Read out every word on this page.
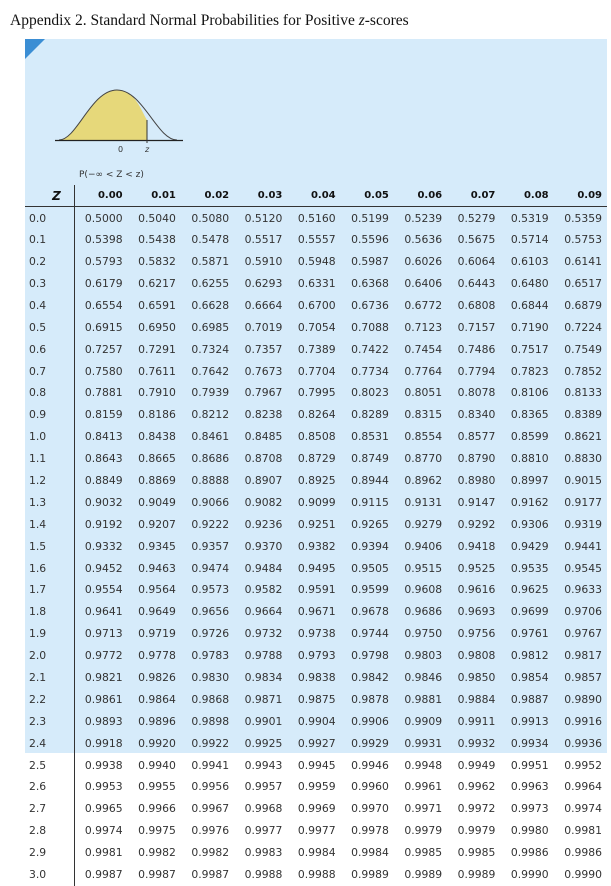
Appendix 2. Standard Normal Probabilities for Positive z-scores
0	z
P(−∞ < Z < z)
Z	0.00	0.01	0.02	0.03	0.04	0.05	0.06	0.07	0.08	0.09
0.0	0.5000	0.5040	0.5080	0.5120	0.5160	0.5199	0.5239	0.5279	0.5319	0.5359
0.1	0.5398	0.5438	0.5478	0.5517	0.5557	0.5596	0.5636	0.5675	0.5714	0.5753
0.2	0.5793	0.5832	0.5871	0.5910	0.5948	0.5987	0.6026	0.6064	0.6103	0.6141
0.3	0.6179	0.6217	0.6255	0.6293	0.6331	0.6368	0.6406	0.6443	0.6480	0.6517
0.4	0.6554	0.6591	0.6628	0.6664	0.6700	0.6736	0.6772	0.6808	0.6844	0.6879
0.5	0.6915	0.6950	0.6985	0.7019	0.7054	0.7088	0.7123	0.7157	0.7190	0.7224
0.6	0.7257	0.7291	0.7324	0.7357	0.7389	0.7422	0.7454	0.7486	0.7517	0.7549
0.7	0.7580	0.7611	0.7642	0.7673	0.7704	0.7734	0.7764	0.7794	0.7823	0.7852
0.8	0.7881	0.7910	0.7939	0.7967	0.7995	0.8023	0.8051	0.8078	0.8106	0.8133
0.9	0.8159	0.8186	0.8212	0.8238	0.8264	0.8289	0.8315	0.8340	0.8365	0.8389
1.0	0.8413	0.8438	0.8461	0.8485	0.8508	0.8531	0.8554	0.8577	0.8599	0.8621
1.1	0.8643	0.8665	0.8686	0.8708	0.8729	0.8749	0.8770	0.8790	0.8810	0.8830
1.2	0.8849	0.8869	0.8888	0.8907	0.8925	0.8944	0.8962	0.8980	0.8997	0.9015
1.3	0.9032	0.9049	0.9066	0.9082	0.9099	0.9115	0.9131	0.9147	0.9162	0.9177
1.4	0.9192	0.9207	0.9222	0.9236	0.9251	0.9265	0.9279	0.9292	0.9306	0.9319
1.5	0.9332	0.9345	0.9357	0.9370	0.9382	0.9394	0.9406	0.9418	0.9429	0.9441
1.6	0.9452	0.9463	0.9474	0.9484	0.9495	0.9505	0.9515	0.9525	0.9535	0.9545
1.7	0.9554	0.9564	0.9573	0.9582	0.9591	0.9599	0.9608	0.9616	0.9625	0.9633
1.8	0.9641	0.9649	0.9656	0.9664	0.9671	0.9678	0.9686	0.9693	0.9699	0.9706
1.9	0.9713	0.9719	0.9726	0.9732	0.9738	0.9744	0.9750	0.9756	0.9761	0.9767
2.0	0.9772	0.9778	0.9783	0.9788	0.9793	0.9798	0.9803	0.9808	0.9812	0.9817
2.1	0.9821	0.9826	0.9830	0.9834	0.9838	0.9842	0.9846	0.9850	0.9854	0.9857
2.2	0.9861	0.9864	0.9868	0.9871	0.9875	0.9878	0.9881	0.9884	0.9887	0.9890
2.3	0.9893	0.9896	0.9898	0.9901	0.9904	0.9906	0.9909	0.9911	0.9913	0.9916
2.4	0.9918	0.9920	0.9922	0.9925	0.9927	0.9929	0.9931	0.9932	0.9934	0.9936
2.5	0.9938	0.9940	0.9941	0.9943	0.9945	0.9946	0.9948	0.9949	0.9951	0.9952
2.6	0.9953	0.9955	0.9956	0.9957	0.9959	0.9960	0.9961	0.9962	0.9963	0.9964
2.7	0.9965	0.9966	0.9967	0.9968	0.9969	0.9970	0.9971	0.9972	0.9973	0.9974
2.8	0.9974	0.9975	0.9976	0.9977	0.9977	0.9978	0.9979	0.9979	0.9980	0.9981
2.9	0.9981	0.9982	0.9982	0.9983	0.9984	0.9984	0.9985	0.9985	0.9986	0.9986
3.0	0.9987	0.9987	0.9987	0.9988	0.9988	0.9989	0.9989	0.9989	0.9990	0.9990
